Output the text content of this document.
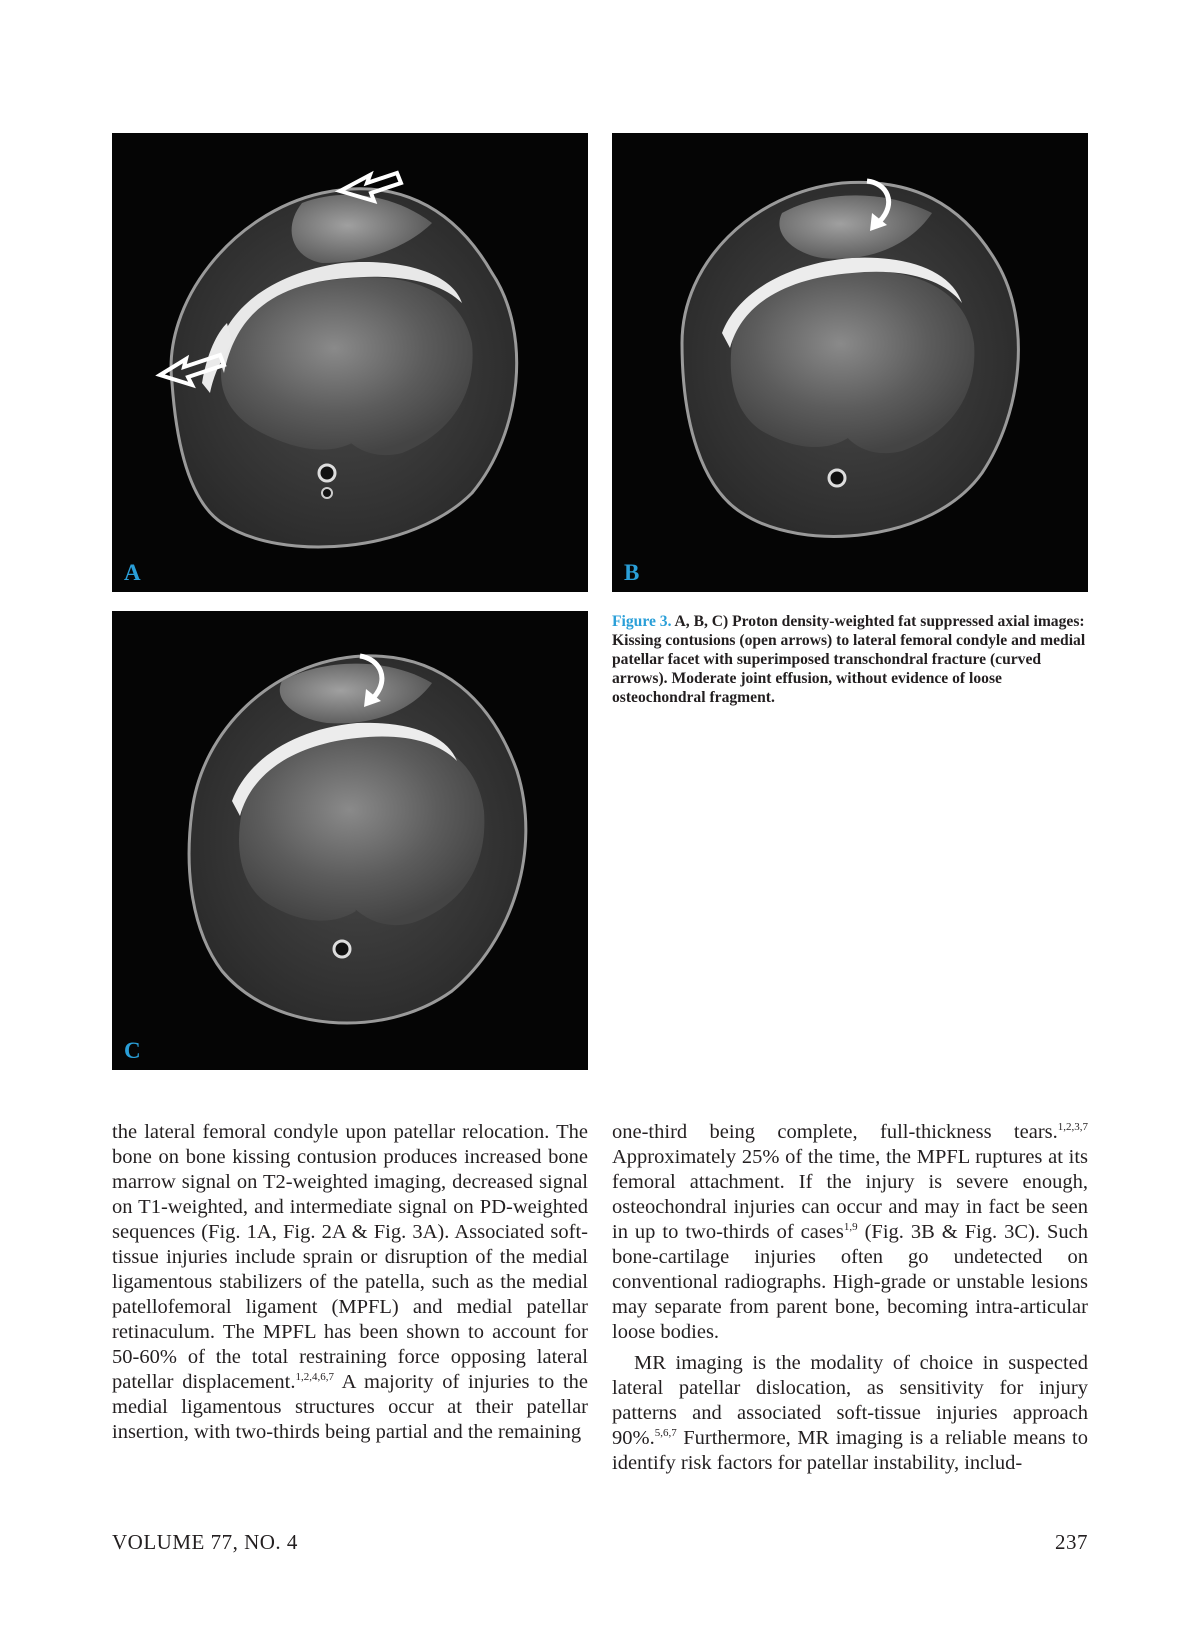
A	B
C
Figure 3. A, B, C) Proton density-weighted fat suppressed axial images: Kissing contusions (open arrows) to lateral femoral condyle and medial patellar facet with superimposed transchondral fracture (curved arrows). Moderate joint effusion, without evidence of loose osteochondral fragment.

the lateral femoral condyle upon patellar relocation. The bone on bone kissing contusion produces increased bone marrow signal on T2-weighted imaging, decreased signal on T1-weighted, and intermediate signal on PD-weighted sequences (Fig. 1A, Fig. 2A & Fig. 3A). Associated soft-tissue injuries include sprain or disruption of the medial ligamentous stabilizers of the patella, such as the medial patellofemoral ligament (MPFL) and medial patellar retinaculum. The MPFL has been shown to account for 50-60% of the total restraining force opposing lateral patellar displacement.$^{1,2,4,6,7}$ A majority of injuries to the medial ligamentous structures occur at their patellar insertion, with two-thirds being partial and the remaining

one-third being complete, full-thickness tears.$^{1,2,3,7}$ Approximately 25% of the time, the MPFL ruptures at its femoral attachment. If the injury is severe enough, osteochondral injuries can occur and may in fact be seen in up to two-thirds of cases$^{1,9}$ (Fig. 3B & Fig. 3C). Such bone-cartilage injuries often go undetected on conventional radiographs. High-grade or unstable lesions may separate from parent bone, becoming intra-articular loose bodies.

MR imaging is the modality of choice in suspected lateral patellar dislocation, as sensitivity for injury patterns and associated soft-tissue injuries approach 90%.$^{5,6,7}$ Furthermore, MR imaging is a reliable means to identify risk factors for patellar instability, includ-

VOLUME 77, NO. 4	237
